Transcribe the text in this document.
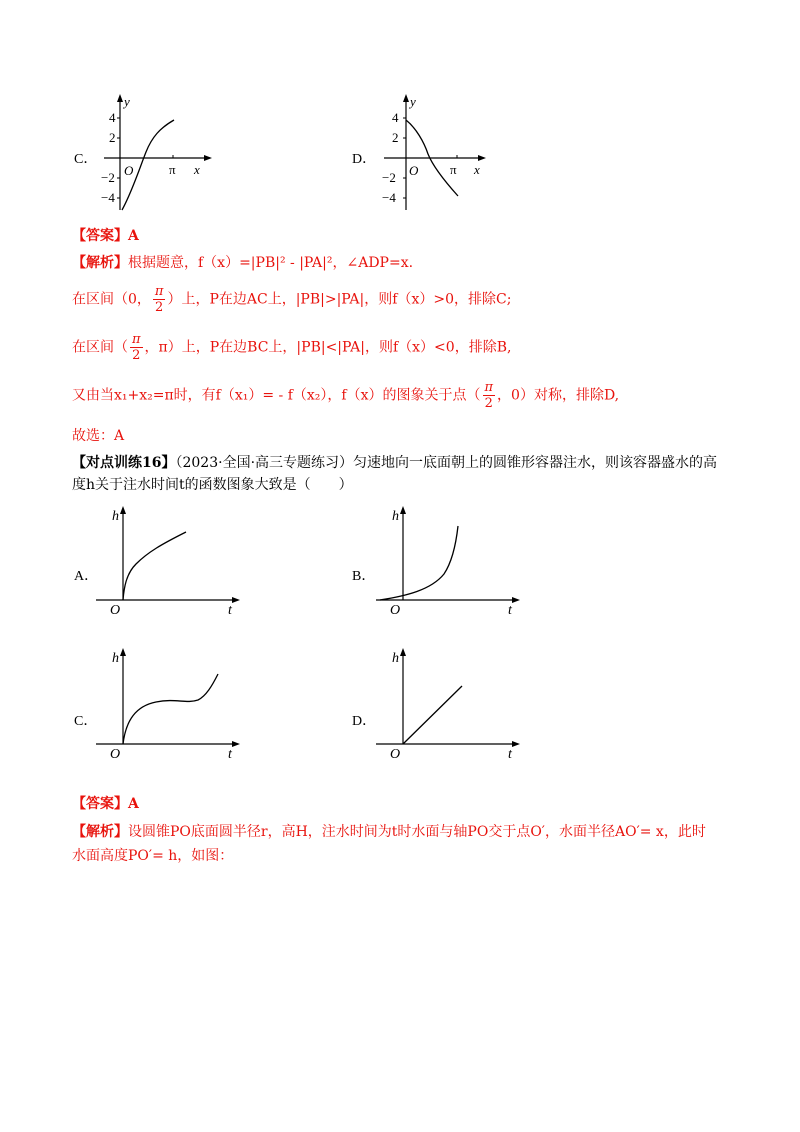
C．
y
x
O	π
4
2
−2
−4
D．
y
x
O π
4
2
−2
−4
【答案】A
【解析】根据题意，f（x）=|PB|² - |PA|²，∠ADP=x.
在区间（0， $\frac{\pi}{2}$ ）上，P在边AC上，|PB|>|PA|，则f（x）>0，排除C;
在区间（ $\frac{\pi}{2}$ ，π）上，P在边BC上，|PB|<|PA|，则f（x）<0，排除B,
又由当x₁+x₂=π时，有f（x₁）= - f（x₂），f（x）的图象关于点（ $\frac{\pi}{2}$ ，0）对称，排除D,
故选：A
【对点训练16】（2023·全国·高三专题练习）匀速地向一底面朝上的圆锥形容器注水，则该容器盛水的高
度h关于注水时间t的函数图象大致是（　　）
A．
h
t
O
B．
h
t
O
C．
h
t
O
D．
h
t
O
【答案】A
【解析】设圆锥PO底面圆半径r，高H，注水时间为t时水面与轴PO交于点O′，水面半径AO′= x，此时
水面高度PO′= h，如图：
